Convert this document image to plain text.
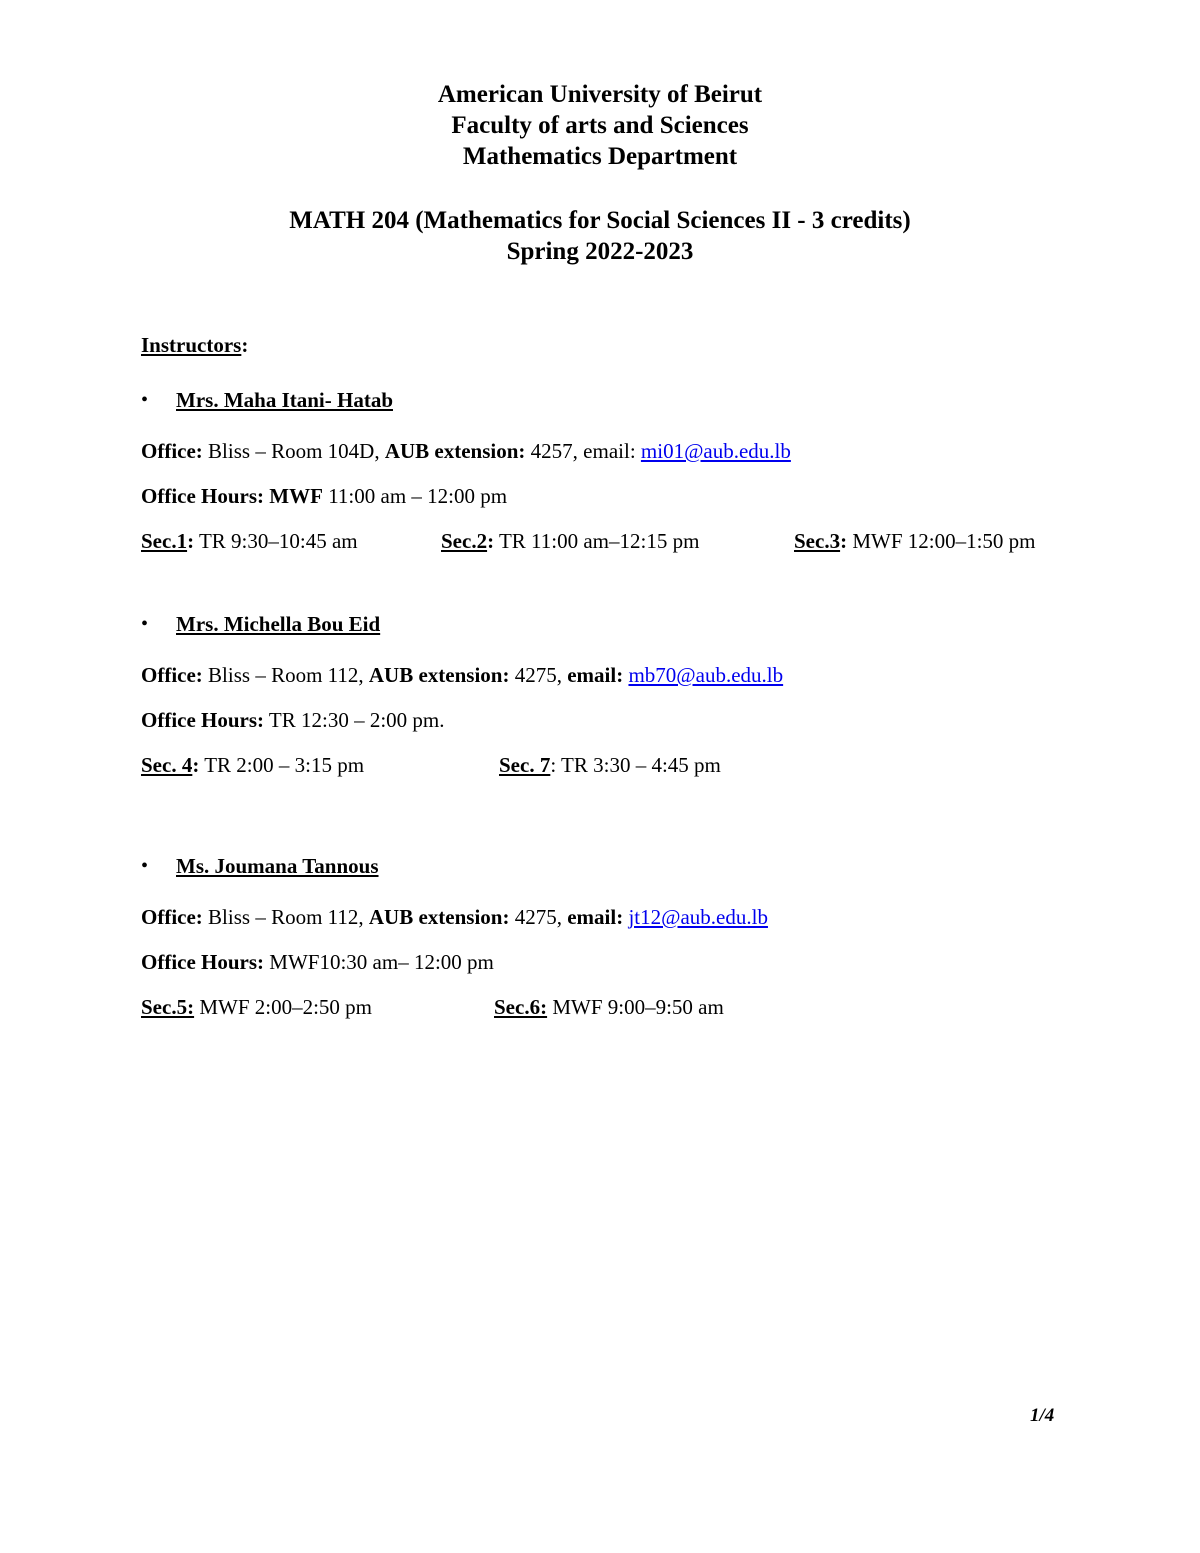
American University of Beirut
Faculty of arts and Sciences
Mathematics Department
MATH 204 (Mathematics for Social Sciences II - 3 credits)
Spring 2022-2023
Instructors:
• Mrs. Maha Itani- Hatab
Office: Bliss – Room 104D, AUB extension: 4257, email: mi01@aub.edu.lb
Office Hours: MWF 11:00 am – 12:00 pm
Sec.1: TR 9:30–10:45 am	Sec.2: TR 11:00 am–12:15 pm	Sec.3: MWF 12:00–1:50 pm
• Mrs. Michella Bou Eid
Office: Bliss – Room 112, AUB extension: 4275, email: mb70@aub.edu.lb
Office Hours: TR 12:30 – 2:00 pm.
Sec. 4: TR 2:00 – 3:15 pm	Sec. 7: TR 3:30 – 4:45 pm
• Ms. Joumana Tannous
Office: Bliss – Room 112, AUB extension: 4275, email: jt12@aub.edu.lb
Office Hours: MWF10:30 am– 12:00 pm
Sec.5: MWF 2:00–2:50 pm	Sec.6: MWF 9:00–9:50 am
1/4
